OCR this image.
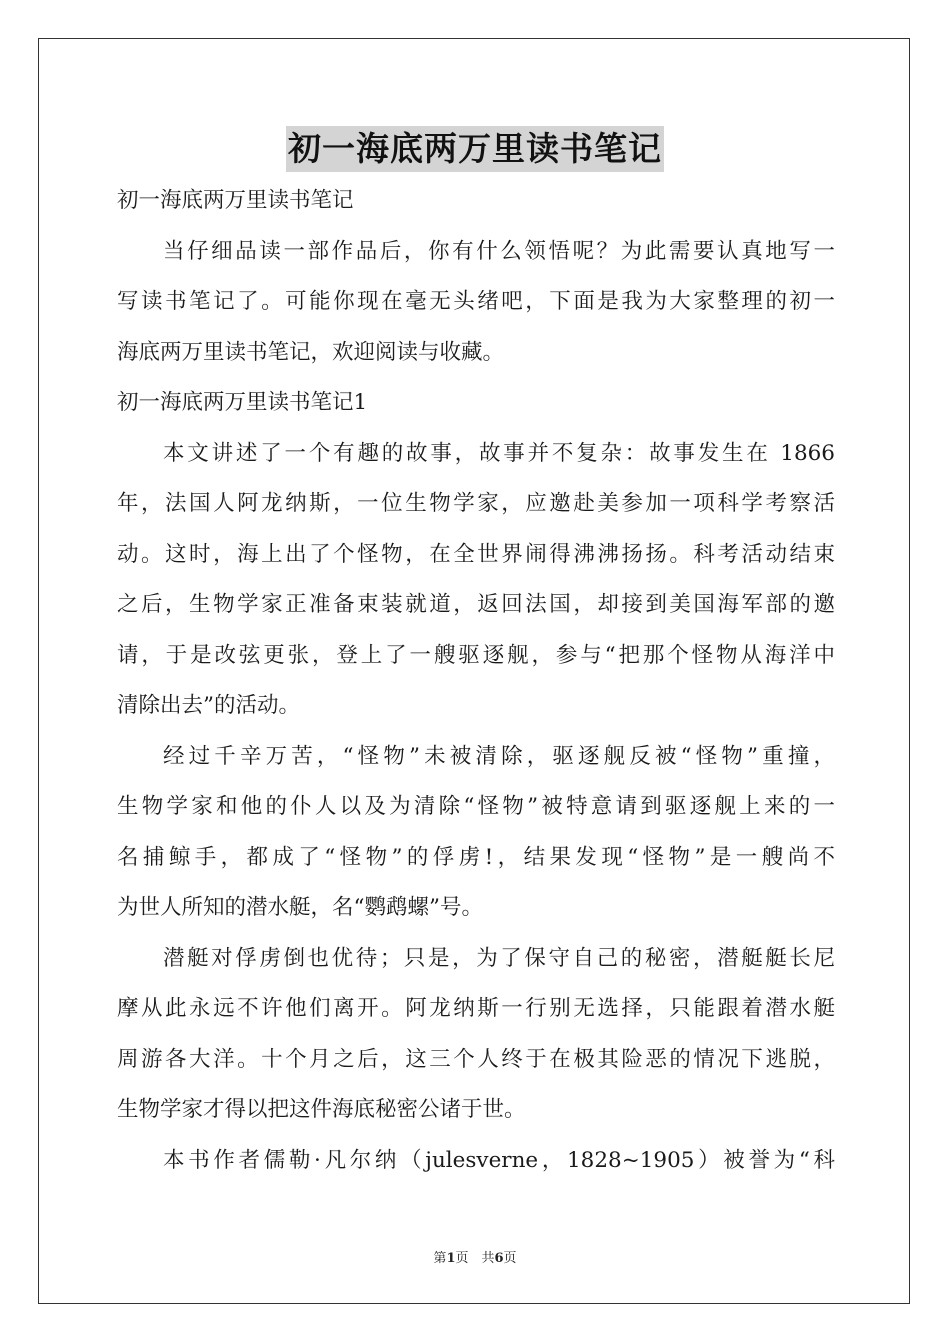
初一海底两万里读书笔记
初一海底两万里读书笔记
当仔细品读一部作品后，你有什么领悟呢？为此需要认真地写一
写读书笔记了。可能你现在毫无头绪吧，下面是我为大家整理的初一
海底两万里读书笔记，欢迎阅读与收藏。
初一海底两万里读书笔记1
本文讲述了一个有趣的故事，故事并不复杂：故事发生在 1866
年，法国人阿龙纳斯，一位生物学家，应邀赴美参加一项科学考察活
动。这时，海上出了个怪物，在全世界闹得沸沸扬扬。科考活动结束
之后，生物学家正准备束装就道，返回法国，却接到美国海军部的邀
请，于是改弦更张，登上了一艘驱逐舰，参与“把那个怪物从海洋中
清除出去”的活动。
经过千辛万苦，“怪物”未被清除，驱逐舰反被“怪物”重撞，
生物学家和他的仆人以及为清除“怪物”被特意请到驱逐舰上来的一
名捕鲸手，都成了“怪物”的俘虏!，结果发现“怪物”是一艘尚不
为世人所知的潜水艇，名“鹦鹉螺”号。
潜艇对俘虏倒也优待；只是，为了保守自己的秘密，潜艇艇长尼
摩从此永远不许他们离开。阿龙纳斯一行别无选择，只能跟着潜水艇
周游各大洋。十个月之后，这三个人终于在极其险恶的情况下逃脱，
生物学家才得以把这件海底秘密公诸于世。
本书作者儒勒·凡尔纳（julesverne，1828~1905）被誉为“科
第1页　共6页
